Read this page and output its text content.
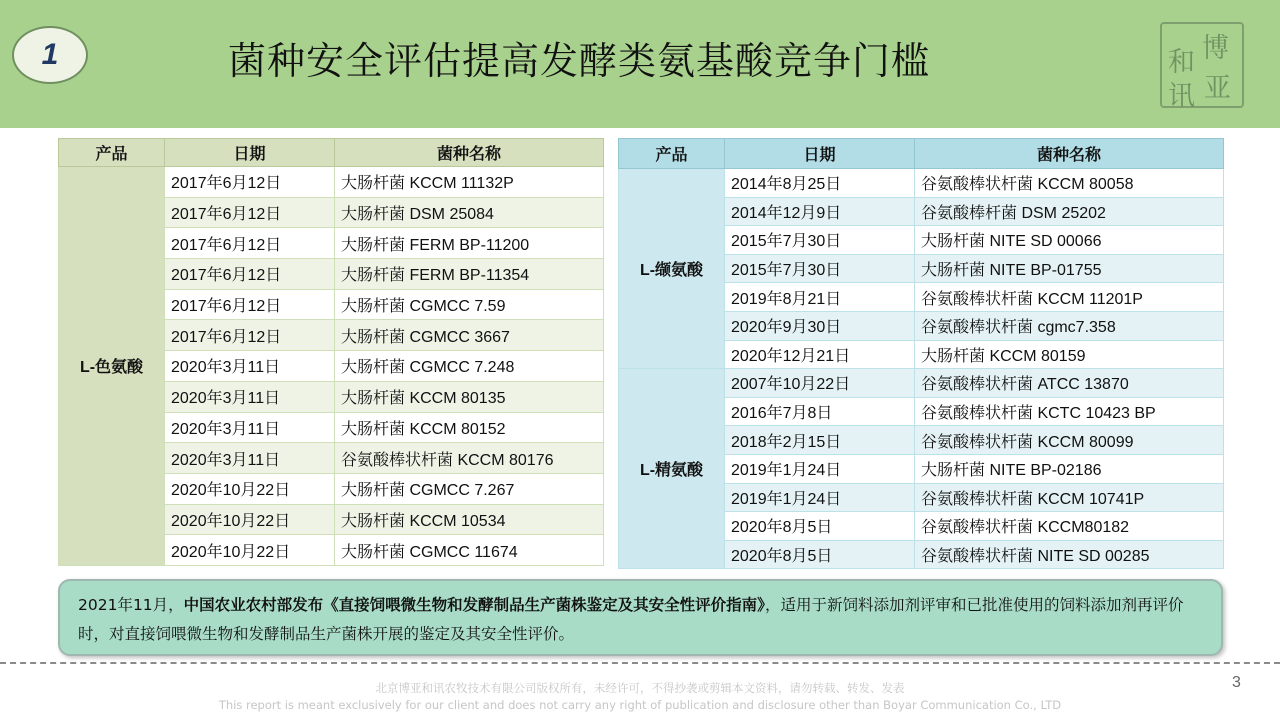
1	菌种安全评估提高发酵类氨基酸竞争门槛	博
和
亚
讯
产品	日期	菌种名称
L-色氨酸	2017年6月12日	大肠杆菌 KCCM 11132P
	2017年6月12日	大肠杆菌 DSM 25084
	2017年6月12日	大肠杆菌 FERM BP-11200
	2017年6月12日	大肠杆菌 FERM BP-11354
	2017年6月12日	大肠杆菌 CGMCC 7.59
	2017年6月12日	大肠杆菌 CGMCC 3667
	2020年3月11日	大肠杆菌 CGMCC 7.248
	2020年3月11日	大肠杆菌 KCCM 80135
	2020年3月11日	大肠杆菌 KCCM 80152
	2020年3月11日	谷氨酸棒状杆菌 KCCM 80176
	2020年10月22日	大肠杆菌 CGMCC 7.267
	2020年10月22日	大肠杆菌 KCCM 10534
	2020年10月22日	大肠杆菌 CGMCC 11674
产品	日期	菌种名称
L-缬氨酸	2014年8月25日	谷氨酸棒状杆菌 KCCM 80058
	2014年12月9日	谷氨酸棒杆菌 DSM 25202
	2015年7月30日	大肠杆菌 NITE SD 00066
	2015年7月30日	大肠杆菌 NITE BP-01755
	2019年8月21日	谷氨酸棒状杆菌 KCCM 11201P
	2020年9月30日	谷氨酸棒状杆菌 cgmc7.358
	2020年12月21日	大肠杆菌 KCCM 80159
L-精氨酸	2007年10月22日	谷氨酸棒状杆菌 ATCC 13870
	2016年7月8日	谷氨酸棒状杆菌 KCTC 10423 BP
	2018年2月15日	谷氨酸棒状杆菌 KCCM 80099
	2019年1月24日	大肠杆菌 NITE BP-02186
	2019年1月24日	谷氨酸棒状杆菌 KCCM 10741P
	2020年8月5日	谷氨酸棒状杆菌 KCCM80182
	2020年8月5日	谷氨酸棒状杆菌 NITE SD 00285
2021年11月，中国农业农村部发布《直接饲喂微生物和发酵制品生产菌株鉴定及其安全性评价指南》，适用于新饲料添加剂评审和已批准使用的饲料添加剂再评价时，对直接饲喂微生物和发酵制品生产菌株开展的鉴定及其安全性评价。
3
北京博亚和讯农牧技术有限公司版权所有，未经许可，不得抄袭或剪辑本文资料，请勿转载、转发、发表
This report is meant exclusively for our client and does not carry any right of publication and disclosure other than Boyar Communication Co., LTD
